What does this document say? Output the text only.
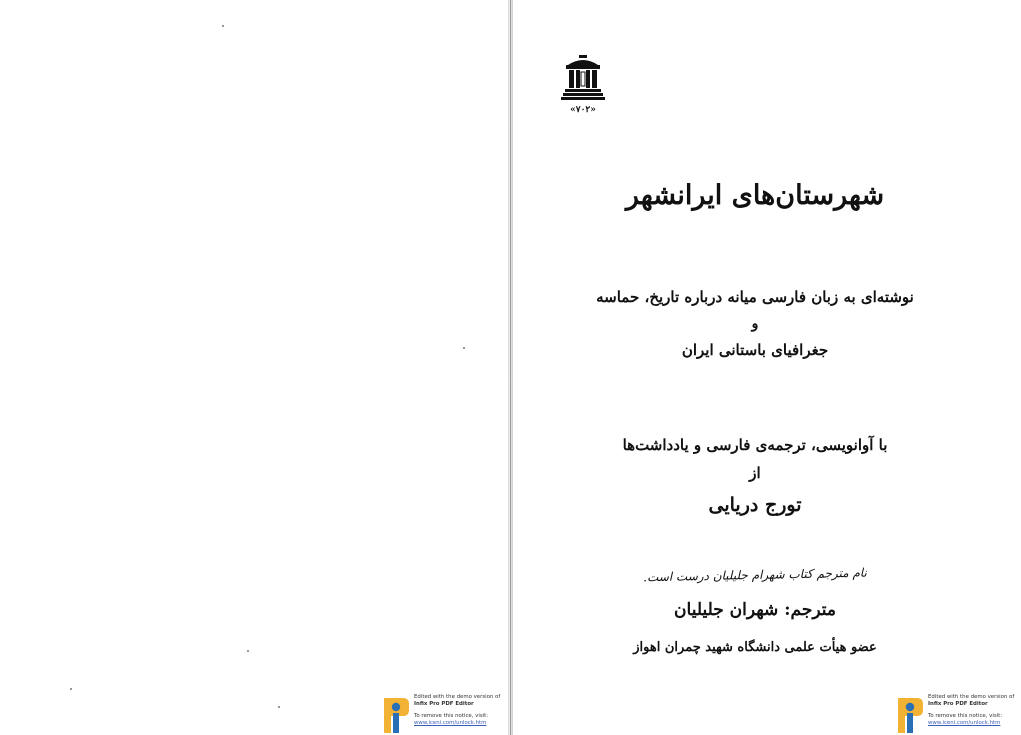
«۷۰۲»
شهرستان‌های ایرانشهر
نوشته‌ای به زبان فارسی میانه درباره تاریخ، حماسه
و
جغرافیای باستانی ایران
با آوانویسی، ترجمه‌ی فارسی و یادداشت‌ها
از
تورج دریایی
نام مترجم کتاب شهرام جلیلیان درست است.
مترجم: شهران جلیلیان
عضو هیأت علمی دانشگاه شهید چمران اهواز
Edited with the demo version of
Infix Pro PDF Editor
To remove this notice, visit:
www.iceni.com/unlock.htm
Edited with the demo version of
Infix Pro PDF Editor
To remove this notice, visit:
www.iceni.com/unlock.htm
